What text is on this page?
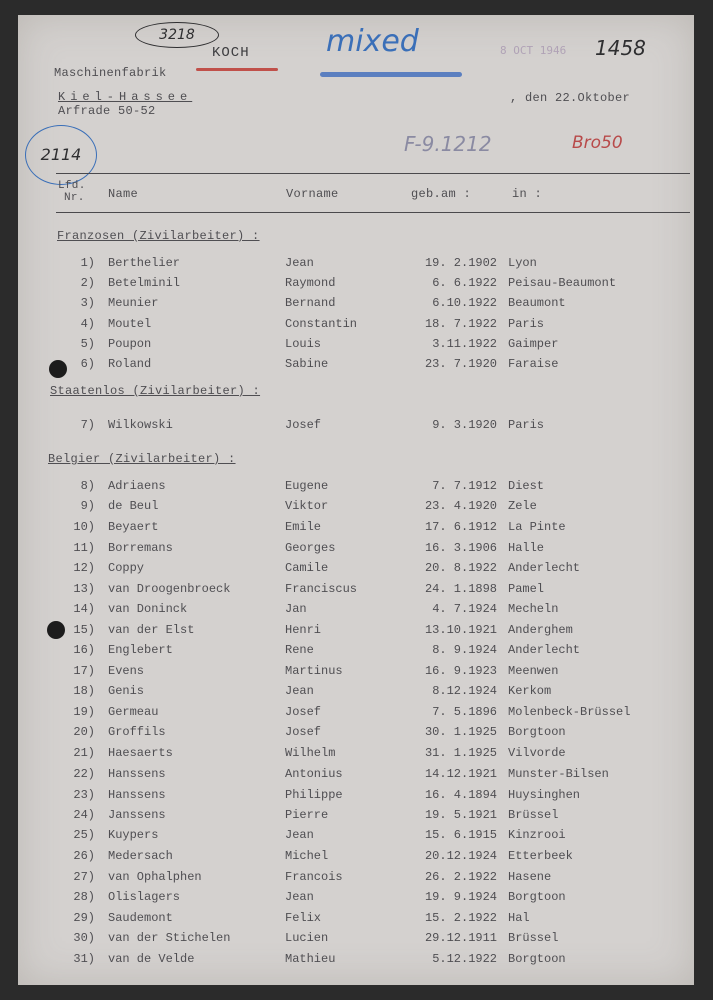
Maschinenfabrik
Kiel-Hassee
Arfrade 50-52
, den 22.Oktober
3218
KOCH	mixed	8 OCT 1946 1458
2114	F-9.1212	Bro50
Lfd.
Nr. Name	Vorname	geb.am :	in :
Franzosen (Zivilarbeiter) :
Staatenlos (Zivilarbeiter) :
Belgier (Zivilarbeiter) :
1) Berthelier	Jean	19. 2.1902 Lyon
2) Betelminil	Raymond	6. 6.1922 Peisau-Beaumont
3) Meunier	Bernand	6.10.1922 Beaumont
4) Moutel	Constantin	18. 7.1922 Paris
5) Poupon	Louis	3.11.1922 Gaimper
6) Roland	Sabine	23. 7.1920 Faraise
7) Wilkowski	Josef	9. 3.1920 Paris
8) Adriaens	Eugene	7. 7.1912 Diest
9) de Beul	Viktor	23. 4.1920 Zele
10) Beyaert	Emile	17. 6.1912 La Pinte
11) Borremans	Georges	16. 3.1906 Halle
12) Coppy	Camile	20. 8.1922 Anderlecht
13) van Droogenbroeck	Franciscus	24. 1.1898 Pamel
14) van Doninck	Jan	4. 7.1924 Mecheln
15) van der Elst	Henri	13.10.1921 Anderghem
16) Englebert	Rene	8. 9.1924 Anderlecht
17) Evens	Martinus	16. 9.1923 Meenwen
18) Genis	Jean	8.12.1924 Kerkom
19) Germeau	Josef	7. 5.1896 Molenbeck-Brüssel
20) Groffils	Josef	30. 1.1925 Borgtoon
21) Haesaerts	Wilhelm	31. 1.1925 Vilvorde
22) Hanssens	Antonius	14.12.1921 Munster-Bilsen
23) Hanssens	Philippe	16. 4.1894 Huysinghen
24) Janssens	Pierre	19. 5.1921 Brüssel
25) Kuypers	Jean	15. 6.1915 Kinzrooi
26) Medersach	Michel	20.12.1924 Etterbeek
27) van Ophalphen	Francois	26. 2.1922 Hasene
28) Olislagers	Jean	19. 9.1924 Borgtoon
29) Saudemont	Felix	15. 2.1922 Hal
30) van der Stichelen	Lucien	29.12.1911 Brüssel
31) van de Velde	Mathieu	5.12.1922 Borgtoon
